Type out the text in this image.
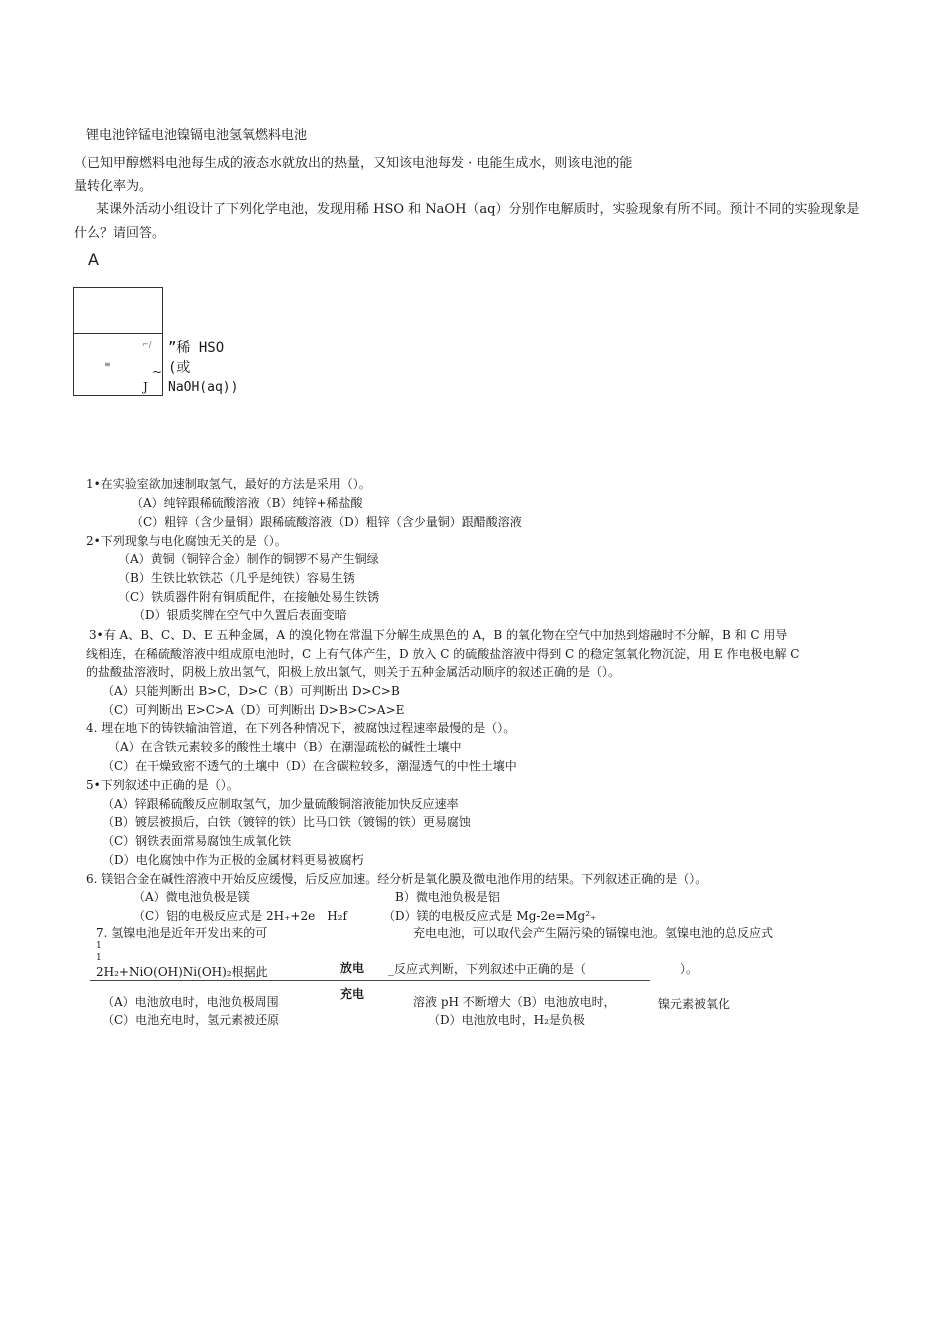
锂电池锌锰电池镍镉电池氢氧燃料电池
（已知甲醇燃料电池每生成的液态水就放出的热量，又知该电池每发 · 电能生成水，则该电池的能
量转化率为。
某课外活动小组设计了下列化学电池，发现用稀 HSO 和 NaOH（aq）分别作电解质时，实验现象有所不同。预计不同的实验现象是
什么？请回答。
A
⌐/
≡
~
J
”稀 HSO
(或
NaOH(aq))
1•在实验室欲加速制取氢气，最好的方法是采用（）。
（A）纯锌跟稀硫酸溶液（B）纯锌+稀盐酸
（C）粗锌（含少量铜）跟稀硫酸溶液（D）粗锌（含少量铜）跟醋酸溶液
2•下列现象与电化腐蚀无关的是（）。
（A）黄铜（铜锌合金）制作的铜锣不易产生铜绿
（B）生铁比软铁芯（几乎是纯铁）容易生锈
（C）铁质器件附有铜质配件，在接触处易生铁锈
（D）银质奖牌在空气中久置后表面变暗
3•有 A、B、C、D、E 五种金属，A 的溴化物在常温下分解生成黑色的 A，B 的氧化物在空气中加热到熔融时不分解，B 和 C 用导
线相连，在稀硫酸溶液中组成原电池时，C 上有气体产生，D 放入 C 的硫酸盐溶液中得到 C 的稳定氢氧化物沉淀，用 E 作电极电解 C
的盐酸盐溶液时，阴极上放出氢气，阳极上放出氯气，则关于五种金属活动顺序的叙述正确的是（）。
（A）只能判断出 B>C，D>C（B）可判断出 D>C>B
（C）可判断出 E>C>A（D）可判断出 D>B>C>A>E
4. 埋在地下的铸铁输油管道，在下列各种情况下，被腐蚀过程速率最慢的是（）。
（A）在含铁元素较多的酸性土壤中（B）在潮湿疏松的碱性土壤中
（C）在干燥致密不透气的土壤中（D）在含碳粒较多，潮湿透气的中性土壤中
5•下列叙述中正确的是（）。
（A）锌跟稀硫酸反应制取氢气，加少量硫酸铜溶液能加快反应速率
（B）镀层被损后，白铁（镀锌的铁）比马口铁（镀锡的铁）更易腐蚀
（C）钢铁表面常易腐蚀生成氧化铁
（D）电化腐蚀中作为正极的金属材料更易被腐朽
6. 镁铝合金在碱性溶液中开始反应缓慢，后反应加速。经分析是氧化膜及微电池作用的结果。下列叙述正确的是（）。
（A）微电池负极是镁	B）微电池负极是铝
（C）铝的电极反应式是 2H₊+2e　H₂f	（D）镁的电极反应式是 Mg-2e=Mg²₊
7. 氢镍电池是近年开发出来的可	充电电池，可以取代会产生隔污染的镉镍电池。氢镍电池的总反应式
1
1
2H₂+NiO(OH)Ni(OH)₂根据此	放电
充电
_反应式判断，下列叙述中正确的是（	）。
（A）电池放电时，电池负极周围	溶液 pH 不断增大（B）电池放电时，	镍元素被氧化
（C）电池充电时，氢元素被还原	（D）电池放电时，H₂是负极
